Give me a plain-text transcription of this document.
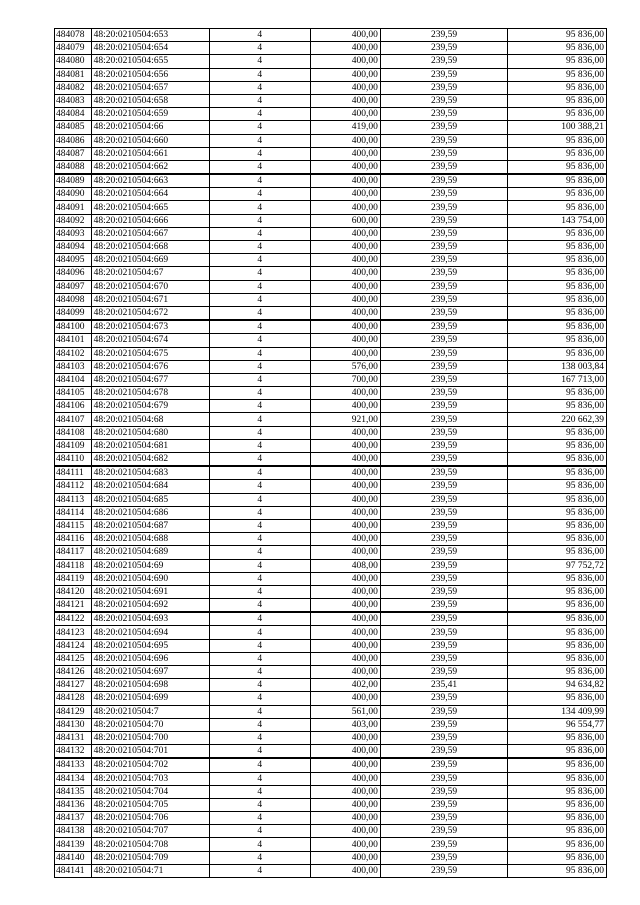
484078	48:20:0210504:653	4	400,00	239,59	95 836,00
484079	48:20:0210504:654	4	400,00	239,59	95 836,00
484080	48:20:0210504:655	4	400,00	239,59	95 836,00
484081	48:20:0210504:656	4	400,00	239,59	95 836,00
484082	48:20:0210504:657	4	400,00	239,59	95 836,00
484083	48:20:0210504:658	4	400,00	239,59	95 836,00
484084	48:20:0210504:659	4	400,00	239,59	95 836,00
484085	48:20:0210504:66	4	419,00	239,59	100 388,21
484086	48:20:0210504:660	4	400,00	239,59	95 836,00
484087	48:20:0210504:661	4	400,00	239,59	95 836,00
484088	48:20:0210504:662	4	400,00	239,59	95 836,00
484089	48:20:0210504:663	4	400,00	239,59	95 836,00
484090	48:20:0210504:664	4	400,00	239,59	95 836,00
484091	48:20:0210504:665	4	400,00	239,59	95 836,00
484092	48:20:0210504:666	4	600,00	239,59	143 754,00
484093	48:20:0210504:667	4	400,00	239,59	95 836,00
484094	48:20:0210504:668	4	400,00	239,59	95 836,00
484095	48:20:0210504:669	4	400,00	239,59	95 836,00
484096	48:20:0210504:67	4	400,00	239,59	95 836,00
484097	48:20:0210504:670	4	400,00	239,59	95 836,00
484098	48:20:0210504:671	4	400,00	239,59	95 836,00
484099	48:20:0210504:672	4	400,00	239,59	95 836,00
484100	48:20:0210504:673	4	400,00	239,59	95 836,00
484101	48:20:0210504:674	4	400,00	239,59	95 836,00
484102	48:20:0210504:675	4	400,00	239,59	95 836,00
484103	48:20:0210504:676	4	576,00	239,59	138 003,84
484104	48:20:0210504:677	4	700,00	239,59	167 713,00
484105	48:20:0210504:678	4	400,00	239,59	95 836,00
484106	48:20:0210504:679	4	400,00	239,59	95 836,00
484107	48:20:0210504:68	4	921,00	239,59	220 662,39
484108	48:20:0210504:680	4	400,00	239,59	95 836,00
484109	48:20:0210504:681	4	400,00	239,59	95 836,00
484110	48:20:0210504:682	4	400,00	239,59	95 836,00
484111	48:20:0210504:683	4	400,00	239,59	95 836,00
484112	48:20:0210504:684	4	400,00	239,59	95 836,00
484113	48:20:0210504:685	4	400,00	239,59	95 836,00
484114	48:20:0210504:686	4	400,00	239,59	95 836,00
484115	48:20:0210504:687	4	400,00	239,59	95 836,00
484116	48:20:0210504:688	4	400,00	239,59	95 836,00
484117	48:20:0210504:689	4	400,00	239,59	95 836,00
484118	48:20:0210504:69	4	408,00	239,59	97 752,72
484119	48:20:0210504:690	4	400,00	239,59	95 836,00
484120	48:20:0210504:691	4	400,00	239,59	95 836,00
484121	48:20:0210504:692	4	400,00	239,59	95 836,00
484122	48:20:0210504:693	4	400,00	239,59	95 836,00
484123	48:20:0210504:694	4	400,00	239,59	95 836,00
484124	48:20:0210504:695	4	400,00	239,59	95 836,00
484125	48:20:0210504:696	4	400,00	239,59	95 836,00
484126	48:20:0210504:697	4	400,00	239,59	95 836,00
484127	48:20:0210504:698	4	402,00	235,41	94 634,82
484128	48:20:0210504:699	4	400,00	239,59	95 836,00
484129	48:20:0210504:7	4	561,00	239,59	134 409,99
484130	48:20:0210504:70	4	403,00	239,59	96 554,77
484131	48:20:0210504:700	4	400,00	239,59	95 836,00
484132	48:20:0210504:701	4	400,00	239,59	95 836,00
484133	48:20:0210504:702	4	400,00	239,59	95 836,00
484134	48:20:0210504:703	4	400,00	239,59	95 836,00
484135	48:20:0210504:704	4	400,00	239,59	95 836,00
484136	48:20:0210504:705	4	400,00	239,59	95 836,00
484137	48:20:0210504:706	4	400,00	239,59	95 836,00
484138	48:20:0210504:707	4	400,00	239,59	95 836,00
484139	48:20:0210504:708	4	400,00	239,59	95 836,00
484140	48:20:0210504:709	4	400,00	239,59	95 836,00
484141	48:20:0210504:71	4	400,00	239,59	95 836,00
